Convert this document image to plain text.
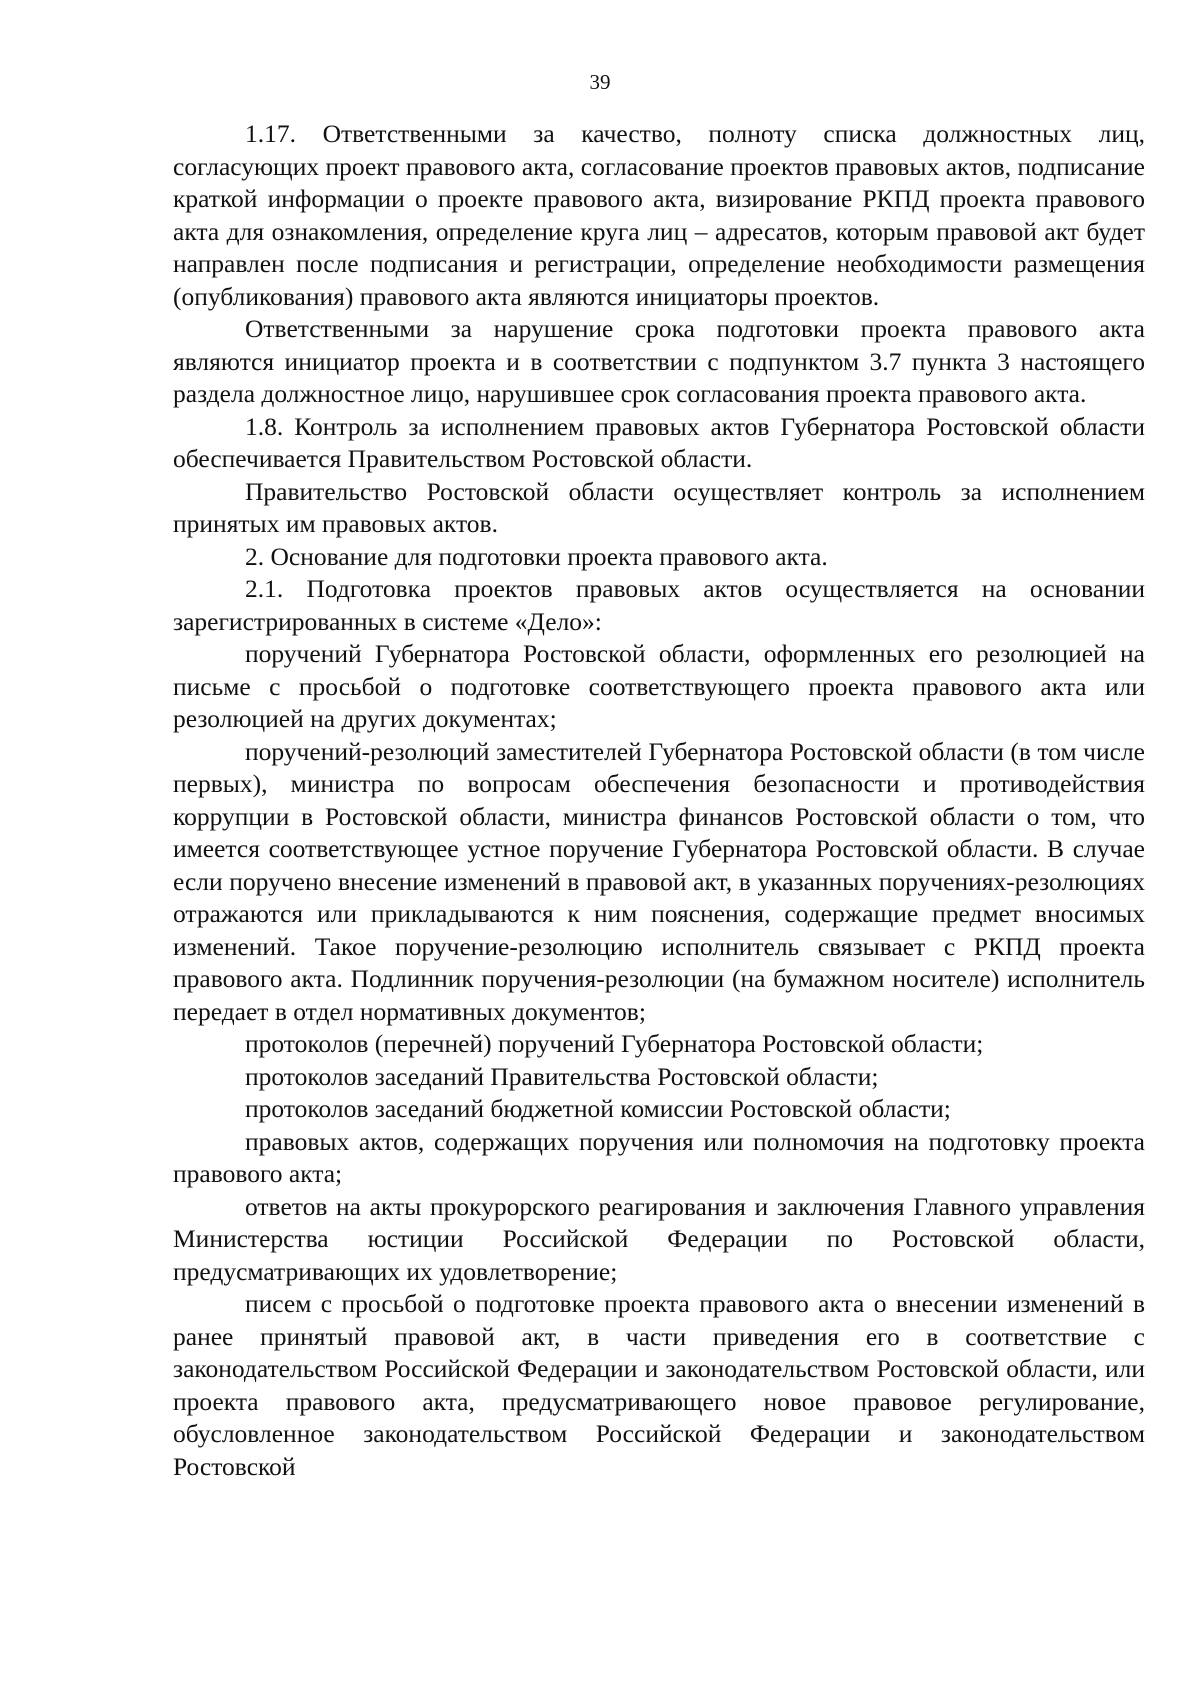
39

1.17. Ответственными за качество, полноту списка должностных лиц, согласующих проект правового акта, согласование проектов правовых актов, подписание краткой информации о проекте правового акта, визирование РКПД проекта правового акта для ознакомления, определение круга лиц – адресатов, которым правовой акт будет направлен после подписания и регистрации, определение необходимости размещения (опубликования) правового акта являются инициаторы проектов.

Ответственными за нарушение срока подготовки проекта правового акта являются инициатор проекта и в соответствии с подпунктом 3.7 пункта 3 настоящего раздела должностное лицо, нарушившее срок согласования проекта правового акта.

1.8. Контроль за исполнением правовых актов Губернатора Ростовской области обеспечивается Правительством Ростовской области.

Правительство Ростовской области осуществляет контроль за исполнением принятых им правовых актов.

2. Основание для подготовки проекта правового акта.

2.1. Подготовка проектов правовых актов осуществляется на основании зарегистрированных в системе «Дело»:

поручений Губернатора Ростовской области, оформленных его резолюцией на письме с просьбой о подготовке соответствующего проекта правового акта или резолюцией на других документах;

поручений-резолюций заместителей Губернатора Ростовской области (в том числе первых), министра по вопросам обеспечения безопасности и противодействия коррупции в Ростовской области, министра финансов Ростовской области о том, что имеется соответствующее устное поручение Губернатора Ростовской области. В случае если поручено внесение изменений в правовой акт, в указанных поручениях-резолюциях отражаются или прикладываются к ним пояснения, содержащие предмет вносимых изменений. Такое поручение-резолюцию исполнитель связывает с РКПД проекта правового акта. Подлинник поручения-резолюции (на бумажном носителе) исполнитель передает в отдел нормативных документов;

протоколов (перечней) поручений Губернатора Ростовской области;

протоколов заседаний Правительства Ростовской области;

протоколов заседаний бюджетной комиссии Ростовской области;

правовых актов, содержащих поручения или полномочия на подготовку проекта правового акта;

ответов на акты прокурорского реагирования и заключения Главного управления Министерства юстиции Российской Федерации по Ростовской области, предусматривающих их удовлетворение;

писем с просьбой о подготовке проекта правового акта о внесении изменений в ранее принятый правовой акт, в части приведения его в соответствие с законодательством Российской Федерации и законодательством Ростовской области, или проекта правового акта, предусматривающего новое правовое регулирование, обусловленное законодательством Российской Федерации и законодательством Ростовской
